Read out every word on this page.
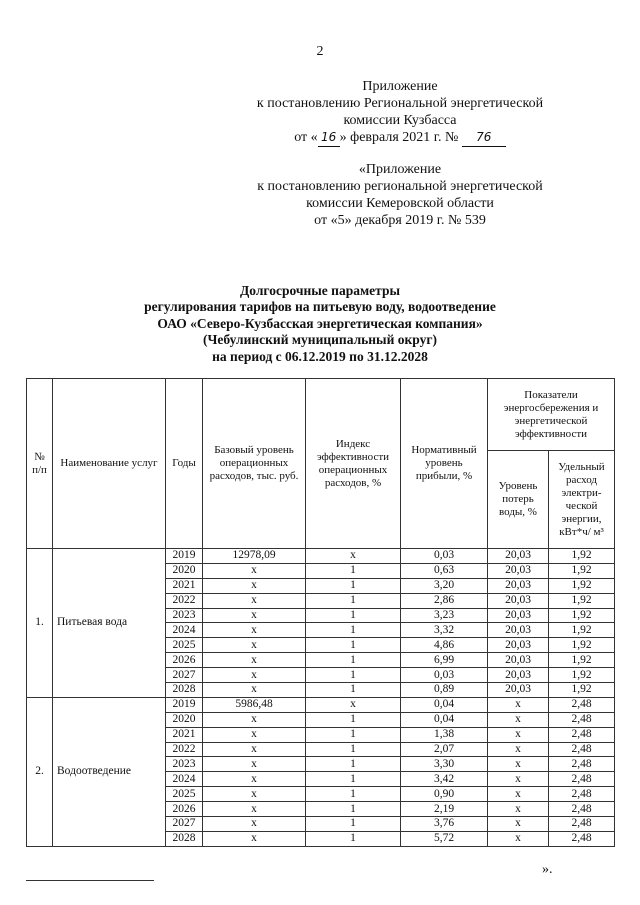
2
Приложение
к постановлению Региональной энергетической
комиссии Кузбасса
от « 16 » февраля 2021 г. № 76
«Приложение
к постановлению региональной энергетической
комиссии Кемеровской области
от «5» декабря 2019 г. № 539
Долгосрочные параметры
регулирования тарифов на питьевую воду, водоотведение
ОАО «Северо-Кузбасская энергетическая компания»
(Чебулинский муниципальный округ)
на период с 06.12.2019 по 31.12.2028
№ п/п	Наименование услуг	Годы	Базовый уровень операционных расходов, тыс. руб.	Индекс эффективности операционных расходов, %	Нормативный уровень прибыли, %	Показатели энергосбережения и энергетической эффективности	
						Уровень потерь воды, %	Удельный расход электри-ческой энергии, кВт*ч/ м³
1.	Питьевая вода	2019	12978,09	х	0,03	20,03	1,92
		2020	х	1	0,63	20,03	1,92
		2021	х	1	3,20	20,03	1,92
		2022	х	1	2,86	20,03	1,92
		2023	х	1	3,23	20,03	1,92
		2024	х	1	3,32	20,03	1,92
		2025	х	1	4,86	20,03	1,92
		2026	х	1	6,99	20,03	1,92
		2027	х	1	0,03	20,03	1,92
		2028	х	1	0,89	20,03	1,92
2.	Водоотведение	2019	5986,48	х	0,04	х	2,48
		2020	х	1	0,04	х	2,48
		2021	х	1	1,38	х	2,48
		2022	х	1	2,07	х	2,48
		2023	х	1	3,30	х	2,48
		2024	х	1	3,42	х	2,48
		2025	х	1	0,90	х	2,48
		2026	х	1	2,19	х	2,48
		2027	х	1	3,76	х	2,48
		2028	х	1	5,72	х	2,48
».
